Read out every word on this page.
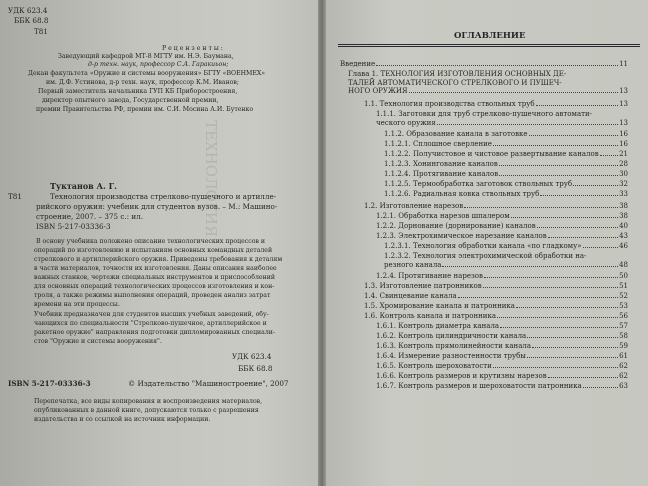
УДК 623.4
ББК 68.8
Т81
Р е ц е н з е н т ы :
Заведующий кафедрой МТ-8 МГТУ им. Н.Э. Баумана,
д-р техн. наук, профессор С.А. Гаракиьон;
Декан факультета «Оружие и системы вооружения» БГТУ «ВОЕНМЕХ»
им. Д.Ф. Устинова, д-р техн. наук, профессор К.М. Иванов;
Первый заместитель начальника ГУП КБ Приборостроения,
директор опытного завода, Государственной премии,
премии Правительства РФ, премии им. С.И. Мосина А.И. Бутенко
ТЕХНОЛОГИЯ
Туктанов А. Г.
Т81	Технология производства стрелково-пушечного и артилле-
рийского оружия: учебник для студентов вузов. – М.: Машино-
строение, 2007. – 375 с.: ил.
ISBN 5-217-03336-3
В основу учебника положено описание технологических процессов и
операций по изготовлению и испытаниям основных командных деталей
стрелкового и артиллерийского оружия. Приведены требования к деталям
в части материалов, точности их изготовления. Даны описания наиболее
важных станков, чертежи специальных инструментов и приспособлений
для основных операций технологических процессов изготовления и кон-
троля, а также режимы выполнения операций, проведен анализ затрат
времени на эти процессы.
Учебник предназначен для студентов высших учебных заведений, обу-
чающихся по специальности "Стрелково-пушечное, артиллерийское и
ракетное оружие" направления подготовки дипломированных специали-
стов "Оружие и системы вооружения".
УДК 623.4
ББК 68.8
ISBN 5-217-03336-3	© Издательство "Машиностроение", 2007
Перепечатка, все виды копирования и воспроизведения материалов,
опубликованных в данной книге, допускаются только с разрешения
издательства и со ссылкой на источник информации.
ОГЛАВЛЕНИЕ
Введение	11
Глава 1. ТЕХНОЛОГИЯ ИЗГОТОВЛЕНИЯ ОСНОВНЫХ ДЕ-
ТАЛЕЙ АВТОМАТИЧЕСКОГО СТРЕЛКОВОГО И ПУШЕЧ-
НОГО ОРУЖИЯ	13
1.1. Технология производства ствольных труб	13
1.1.1. Заготовки для труб стрелково-пушечного автомати-
ческого оружия	13
1.1.2. Образование канала в заготовке	16
1.1.2.1. Сплошное сверление	16
1.1.2.2. Получистовое и чистовое развертывание каналов	21
1.1.2.3. Хонингование каналов	28
1.1.2.4. Протягивание каналов	30
1.1.2.5. Термообработка заготовок ствольных труб	32
1.1.2.6. Радиальная ковка ствольных труб	33
1.2. Изготовление нарезов	38
1.2.1. Обработка нарезов шпалером	38
1.2.2. Дорнование (дорнирование) каналов	40
1.2.3. Электрохимическое нарезание каналов	43
1.2.3.1. Технология обработки канала «по гладкому»	46
1.2.3.2. Технология электрохимической обработки на-
резного канала	48
1.2.4. Протягивание нарезов	50
1.3. Изготовление патронников	51
1.4. Свинцевание канала	52
1.5. Хромирование канала и патронника	53
1.6. Контроль канала и патронника	56
1.6.1. Контроль диаметра канала	57
1.6.2. Контроль цилиндричности канала	58
1.6.3. Контроль прямолинейности канала	59
1.6.4. Измерение разностенности трубы	61
1.6.5. Контроль шероховатости	62
1.6.6. Контроль размеров и крутизны нарезов	62
1.6.7. Контроль размеров и шероховатости патронника	63
